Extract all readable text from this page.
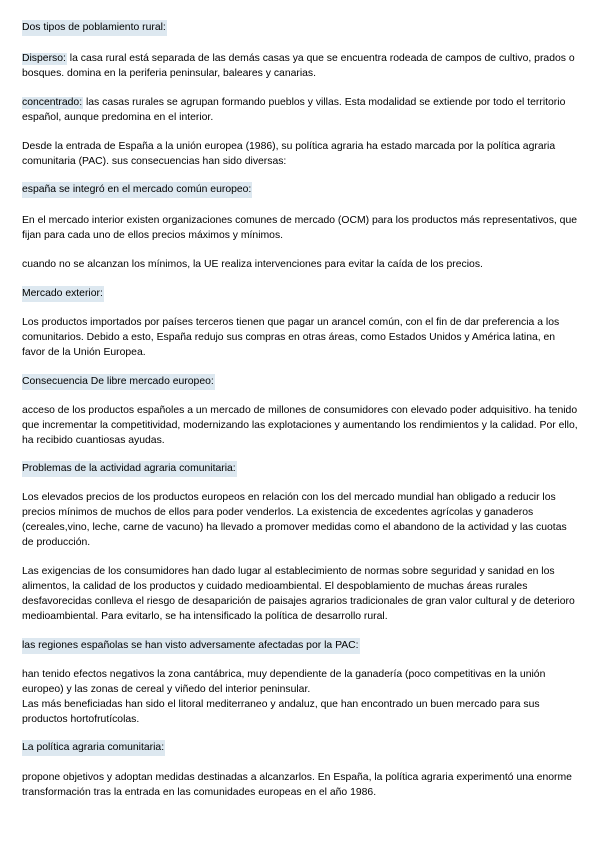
Dos tipos de poblamiento rural:

Disperso: la casa rural está separada de las demás casas ya que se encuentra rodeada de campos de cultivo, prados o bosques. domina en la periferia peninsular, baleares y canarias.

concentrado: las casas rurales se agrupan formando pueblos y villas. Esta modalidad se extiende por todo el territorio español, aunque predomina en el interior.

Desde la entrada de España a la unión europea (1986), su política agraria ha estado marcada por la política agraria comunitaria (PAC). sus consecuencias han sido diversas:

españa se integró en el mercado común europeo:

En el mercado interior existen organizaciones comunes de mercado (OCM) para los productos más representativos, que fijan para cada uno de ellos precios máximos y mínimos.

cuando no se alcanzan los mínimos, la UE realiza intervenciones para evitar la caída de los precios.

Mercado exterior:

Los productos importados por países terceros tienen que pagar un arancel común, con el fin de dar preferencia a los comunitarios. Debido a esto, España redujo sus compras en otras áreas, como Estados Unidos y América latina, en favor de la Unión Europea.

Consecuencia De libre mercado europeo:

acceso de los productos españoles a un mercado de millones de consumidores con elevado poder adquisitivo. ha tenido que incrementar la competitividad, modernizando las explotaciones y aumentando los rendimientos y la calidad. Por ello, ha recibido cuantiosas ayudas.

Problemas de la actividad agraria comunitaria:

Los elevados precios de los productos europeos en relación con los del mercado mundial han obligado a reducir los precios mínimos de muchos de ellos para poder venderlos. La existencia de excedentes agrícolas y ganaderos (cereales,vino, leche, carne de vacuno) ha llevado a promover medidas como el abandono de la actividad y las cuotas de producción.

Las exigencias de los consumidores han dado lugar al establecimiento de normas sobre seguridad y sanidad en los alimentos, la calidad de los productos y cuidado medioambiental. El despoblamiento de muchas áreas rurales desfavorecidas conlleva el riesgo de desaparición de paisajes agrarios tradicionales de gran valor cultural y de deterioro medioambiental. Para evitarlo, se ha intensificado la política de desarrollo rural.

las regiones españolas se han visto adversamente afectadas por la PAC:

han tenido efectos negativos la zona cantábrica, muy dependiente de la ganadería (poco competitivas en la unión europeo) y las zonas de cereal y viñedo del interior peninsular.

Las más beneficiadas han sido el litoral mediterraneo y andaluz, que han encontrado un buen mercado para sus productos hortofrutícolas.

La política agraria comunitaria:

propone objetivos y adoptan medidas destinadas a alcanzarlos. En España, la política agraria experimentó una enorme transformación tras la entrada en las comunidades europeas en el año 1986.
